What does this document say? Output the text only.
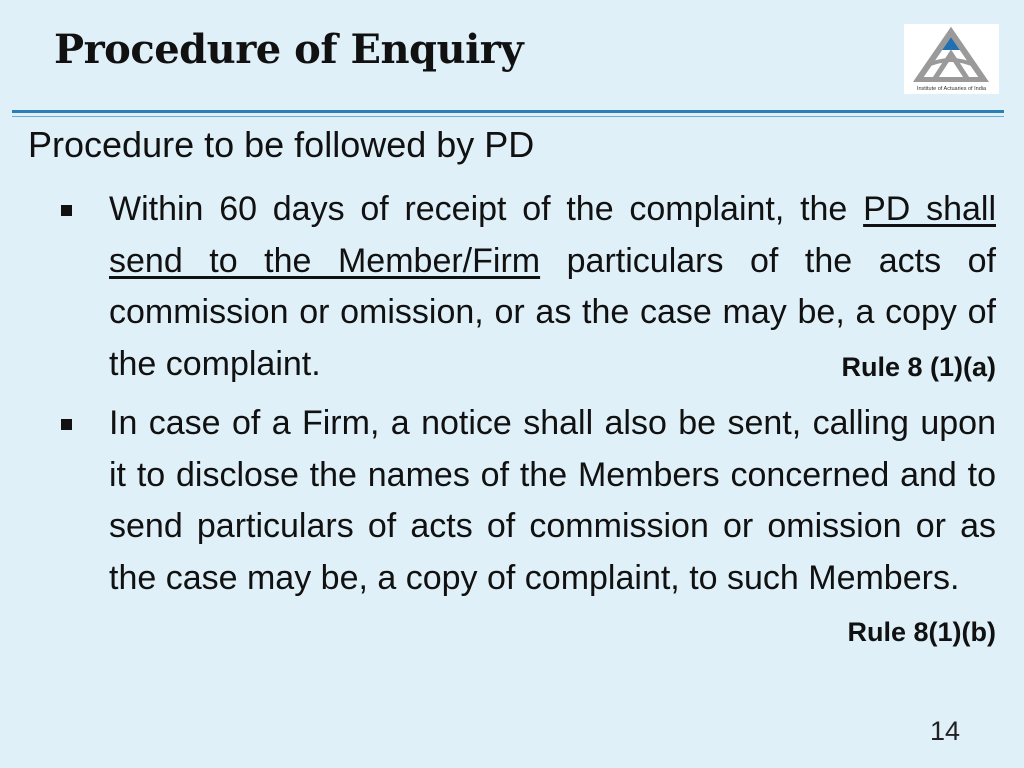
Procedure of Enquiry
Institute of Actuaries of India

Procedure to be followed by PD

Within 60 days of receipt of the complaint, the PD shall send to the Member/Firm particulars of the acts of commission or omission, or as the case may be, a copy of the complaint.	Rule 8 (1)(a)
In case of a Firm, a notice shall also be sent, calling upon it to disclose the names of the Members concerned and to send particulars of acts of commission or omission or as the case may be, a copy of complaint, to such Members.
Rule 8(1)(b)
14
